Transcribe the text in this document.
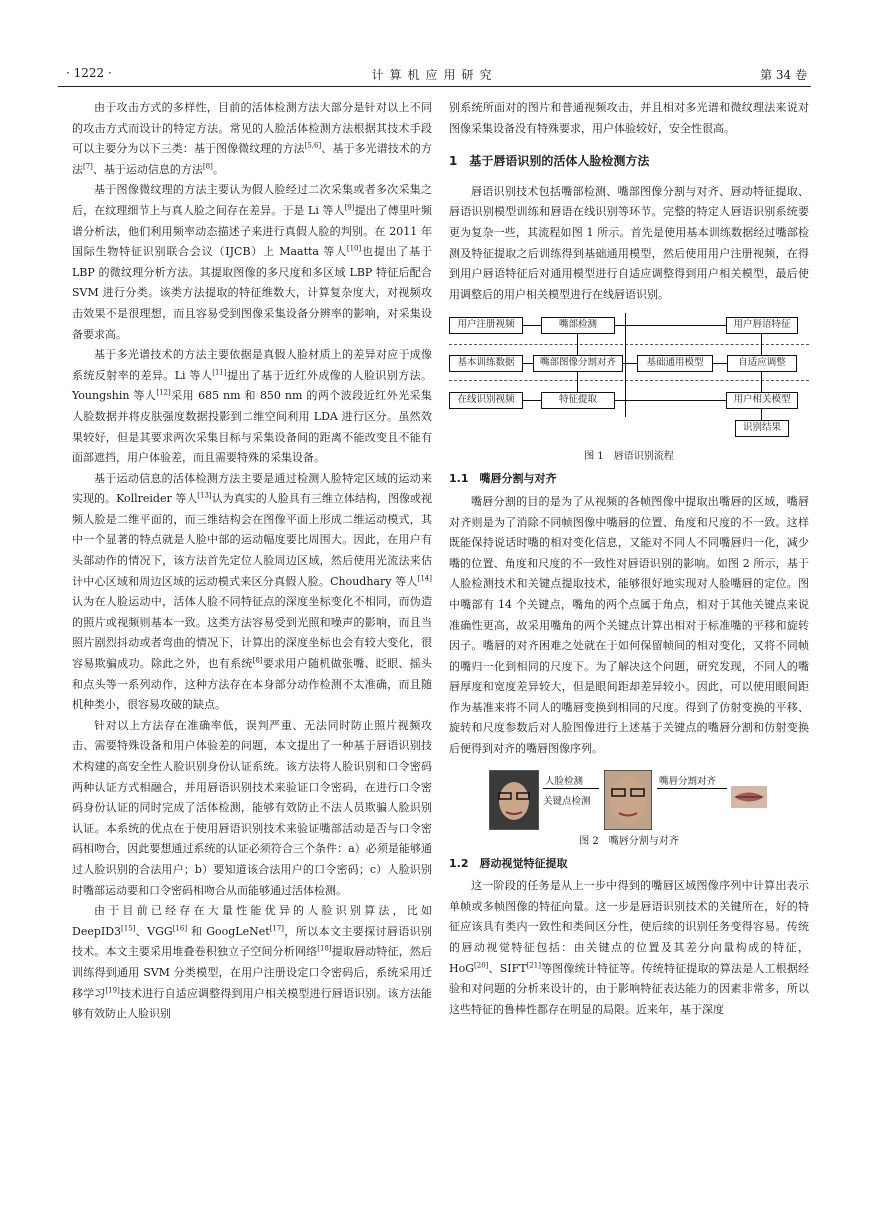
· 1222 ·	计算机应用研究	第 34 卷

由于攻击方式的多样性，目前的活体检测方法大部分是针对以上不同的攻击方式而设计的特定方法。常见的人脸活体检测方法根据其技术手段可以主要分为以下三类：基于图像微纹理的方法[5,6]、基于多光谱技术的方法[7]、基于运动信息的方法[8]。

基于图像微纹理的方法主要认为假人脸经过二次采集或者多次采集之后，在纹理细节上与真人脸之间存在差异。于是 Li 等人[9]提出了傅里叶频谱分析法，他们利用频率动态描述子来进行真假人脸的判别。在 2011 年国际生物特征识别联合会议（IJCB）上 Maatta 等人[10]也提出了基于 LBP 的微纹理分析方法。其提取图像的多尺度和多区域 LBP 特征后配合 SVM 进行分类。该类方法提取的特征维数大，计算复杂度大，对视频攻击效果不是很理想，而且容易受到图像采集设备分辨率的影响，对采集设备要求高。

基于多光谱技术的方法主要依据是真假人脸材质上的差异对应于成像系统反射率的差异。Li 等人[11]提出了基于近红外成像的人脸识别方法。Youngshin 等人[12]采用 685 nm 和 850 nm 的两个波段近红外光采集人脸数据并将皮肤强度数据投影到二维空间利用 LDA 进行区分。虽然效果较好，但是其要求两次采集目标与采集设备间的距离不能改变且不能有面部遮挡，用户体验差，而且需要特殊的采集设备。

基于运动信息的活体检测方法主要是通过检测人脸特定区域的运动来实现的。Kollreider 等人[13]认为真实的人脸具有三维立体结构，图像或视频人脸是二维平面的，而三维结构会在图像平面上形成二维运动模式，其中一个显著的特点就是人脸中部的运动幅度要比周围大。因此，在用户有头部动作的情况下，该方法首先定位人脸周边区域，然后使用光流法来估计中心区域和周边区域的运动模式来区分真假人脸。Choudhary 等人[14]认为在人脸运动中，活体人脸不同特征点的深度坐标变化不相同，而伪造的照片或视频则基本一致。这类方法容易受到光照和噪声的影响，而且当照片剧烈抖动或者弯曲的情况下，计算出的深度坐标也会有较大变化，很容易欺骗成功。除此之外，也有系统[8]要求用户随机做张嘴、眨眼、摇头和点头等一系列动作，这种方法存在本身部分动作检测不太准确，而且随机种类小，很容易攻破的缺点。

针对以上方法存在准确率低，误判严重、无法同时防止照片视频攻击、需要特殊设备和用户体验差的问题，本文提出了一种基于唇语识别技术构建的高安全性人脸识别身份认证系统。该方法将人脸识别和口令密码两种认证方式相融合，并用唇语识别技术来验证口令密码，在进行口令密码身份认证的同时完成了活体检测，能够有效防止不法人员欺骗人脸识别认证。本系统的优点在于使用唇语识别技术来验证嘴部活动是否与口令密码相吻合，因此要想通过系统的认证必须符合三个条件：a）必须是能够通过人脸识别的合法用户；b）要知道该合法用户的口令密码；c）人脸识别时嘴部运动要和口令密码相吻合从而能够通过活体检测。

由于目前已经存在大量性能优异的人脸识别算法，比如 DeepID3[15]、VGG[16] 和 GoogLeNet[17]，所以本文主要探讨唇语识别技术。本文主要采用堆叠卷积独立子空间分析网络[18]提取唇动特征，然后训练得到通用 SVM 分类模型，在用户注册设定口令密码后，系统采用迁移学习[19]技术进行自适应调整得到用户相关模型进行唇语识别。该方法能够有效防止人脸识别

别系统所面对的图片和普通视频攻击，并且相对多光谱和微纹理法来说对图像采集设备没有特殊要求，用户体验较好，安全性很高。

1　基于唇语识别的活体人脸检测方法

唇语识别技术包括嘴部检测、嘴部图像分割与对齐、唇动特征提取、唇语识别模型训练和唇语在线识别等环节。完整的特定人唇语识别系统要更为复杂一些，其流程如图 1 所示。首先是使用基本训练数据经过嘴部检测及特征提取之后训练得到基础通用模型，然后使用用户注册视频，在得到用户唇语特征后对通用模型进行自适应调整得到用户相关模型，最后使用调整后的用户相关模型进行在线唇语识别。

用户注册视频	嘴部检测	用户唇语特征
基本训练数据	嘴部图像分割对齐	基础通用模型	自适应调整
在线识别视频	特征提取	用户相关模型
识别结果
图 1　唇语识别流程
1.1　嘴唇分割与对齐

嘴唇分割的目的是为了从视频的各帧图像中提取出嘴唇的区域，嘴唇对齐则是为了消除不同帧图像中嘴唇的位置、角度和尺度的不一致。这样既能保持说话时嘴的相对变化信息，又能对不同人不同嘴唇归一化，减少嘴的位置、角度和尺度的不一致性对唇语识别的影响。如图 2 所示，基于人脸检测技术和关键点提取技术，能够很好地实现对人脸嘴唇的定位。图中嘴部有 14 个关键点，嘴角的两个点属于角点，相对于其他关键点来说准确性更高，故采用嘴角的两个关键点计算出相对于标准嘴的平移和旋转因子。嘴唇的对齐困难之处就在于如何保留帧间的相对变化，又将不同帧的嘴归一化到相同的尺度下。为了解决这个问题，研究发现，不同人的嘴唇厚度和宽度差异较大，但是眼间距却差异较小。因此，可以使用眼间距作为基准来将不同人的嘴唇变换到相同的尺度。得到了仿射变换的平移、旋转和尺度参数后对人脸图像进行上述基于关键点的嘴唇分割和仿射变换后便得到对齐的嘴唇图像序列。

人脸检测
关键点检测
嘴唇分割对齐
图 2　嘴唇分割与对齐
1.2　唇动视觉特征提取

这一阶段的任务是从上一步中得到的嘴唇区域图像序列中计算出表示单帧或多帧图像的特征向量。这一步是唇语识别技术的关键所在，好的特征应该具有类内一致性和类间区分性，使后续的识别任务变得容易。传统的唇动视觉特征包括：由关键点的位置及其差分向量构成的特征，HoG[20]、SIFT[21]等图像统计特征等。传统特征提取的算法是人工根据经验和对问题的分析来设计的，由于影响特征表达能力的因素非常多，所以这些特征的鲁棒性都存在明显的局限。近来年，基于深度
